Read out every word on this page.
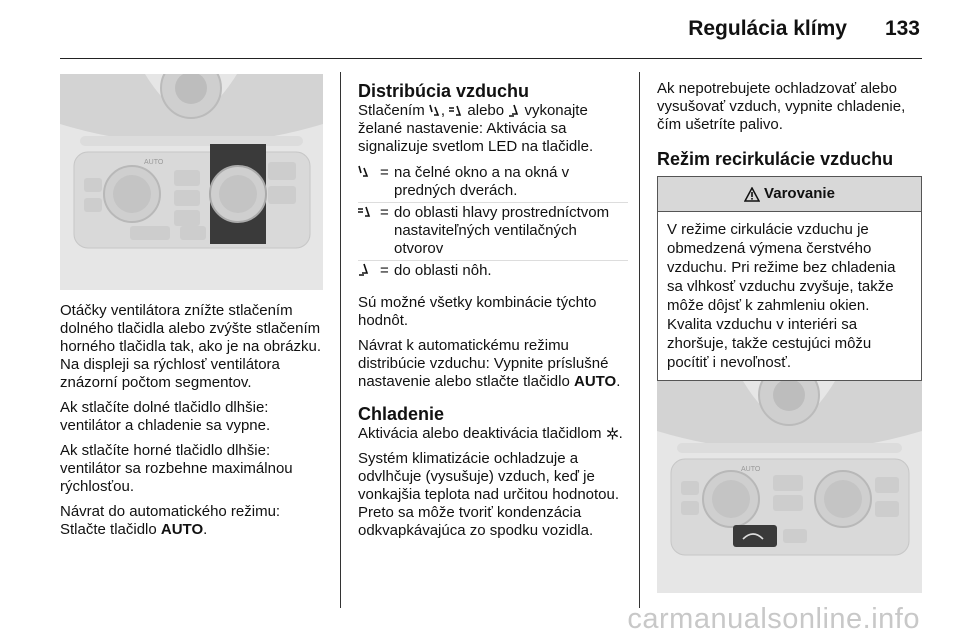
Regulácia klímy 133
AUTO

Otáčky ventilátora znížte stlačením dolného tlačidla alebo zvýšte stlačením horného tlačidla tak, ako je na obrázku. Na displeji sa rýchlosť ventilátora znázorní počtom segmentov.

Ak stlačíte dolné tlačidlo dlhšie: ventilátor a chladenie sa vypne.

Ak stlačíte horné tlačidlo dlhšie: ventilátor sa rozbehne maximálnou rýchlosťou.

Návrat do automatického režimu: Stlačte tlačidlo AUTO.

Distribúcia vzduchu

Stlačením , alebo vykonajte želané nastavenie: Aktivácia sa signalizuje svetlom LED na tlačidle.

= na čelné okno a na okná v predných dverách.
= do oblasti hlavy prostredníctvom nastaviteľných ventilačných otvorov
= do oblasti nôh.

Sú možné všetky kombinácie týchto hodnôt.

Návrat k automatickému režimu distribúcie vzduchu: Vypnite príslušné nastavenie alebo stlačte tlačidlo AUTO.

Chladenie

Aktivácia alebo deaktivácia tlačidlom .

Systém klimatizácie ochladzuje a odvlhčuje (vysušuje) vzduch, keď je vonkajšia teplota nad určitou hodnotou. Preto sa môže tvoriť kondenzácia odkvapkávajúca zo spodku vozidla.

Ak nepotrebujete ochladzovať alebo vysušovať vzduch, vypnite chladenie, čím ušetríte palivo.

Režim recirkulácie vzduchu
Varovanie
V režime cirkulácie vzduchu je obmedzená výmena čerstvého vzduchu. Pri režime bez chladenia sa vlhkosť vzduchu zvyšuje, takže môže dôjsť k zahmleniu okien. Kvalita vzduchu v interiéri sa zhoršuje, takže cestujúci môžu pocítiť i nevoľnosť.
AUTO
carmanualsonline.info
